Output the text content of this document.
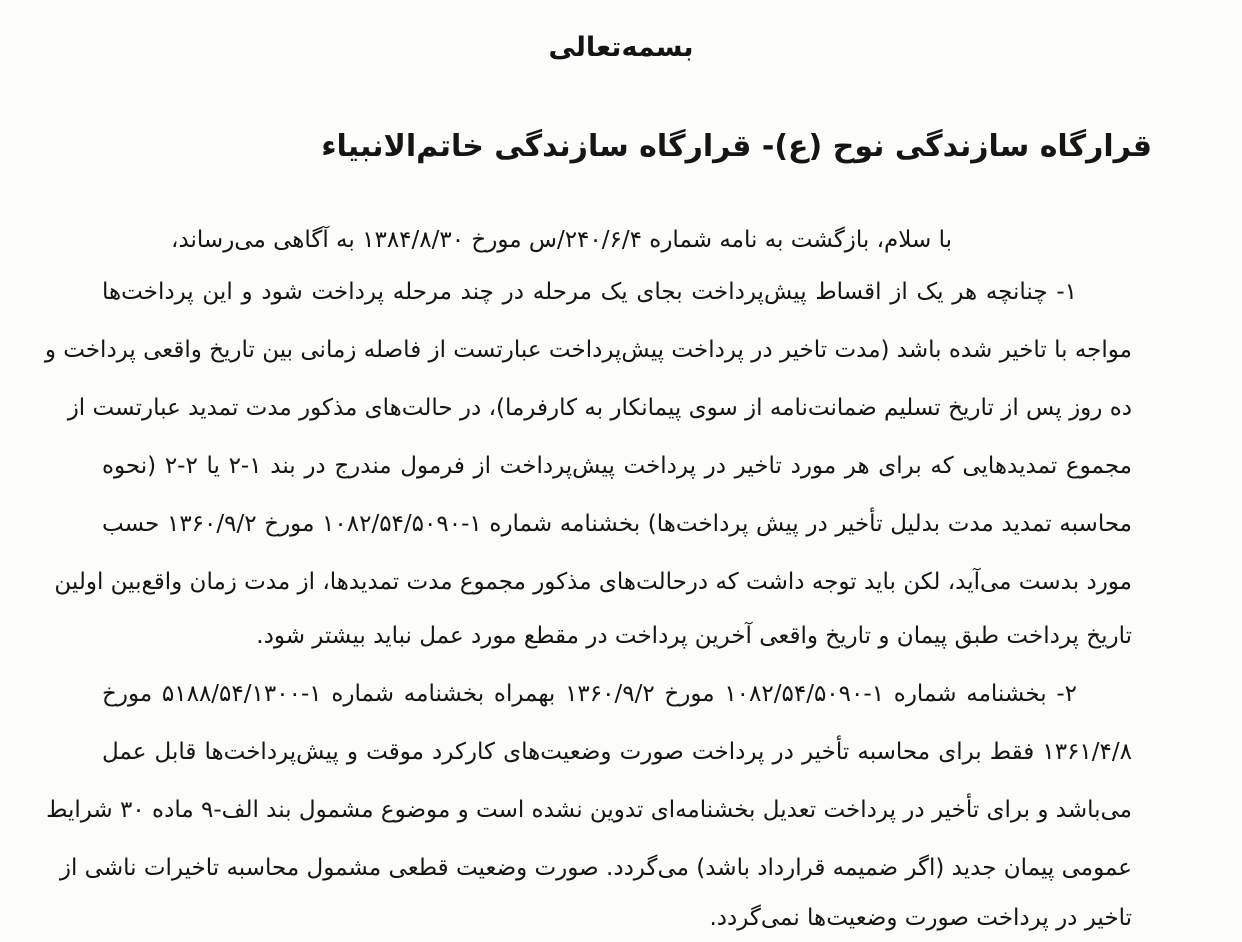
بسمه‌تعالی
قرارگاه سازندگی نوح (ع)- قرارگاه سازندگی خاتم‌الانبیاء
با سلام، بازگشت به نامه شماره ۲۴۰/۶/۴/س مورخ ۱۳۸۴/۸/۳۰ به آگاهی می‌رساند،
۱- چنانچه هر یک از اقساط پیش‌پرداخت بجای یک مرحله در چند مرحله پرداخت شود و این پرداخت‌ها
مواجه با تاخیر شده باشد (مدت تاخیر در پرداخت پیش‌پرداخت عبارتست از فاصله زمانی بین تاریخ واقعی پرداخت و
ده روز پس از تاریخ تسلیم ضمانت‌نامه از سوی پیمانکار به کارفرما)، در حالت‌های مذکور مدت تمدید عبارتست از
مجموع تمدیدهایی که برای هر مورد تاخیر در پرداخت پیش‌پرداخت از فرمول مندرج در بند ۱-۲ یا ۲-۲ (نحوه
محاسبه تمدید مدت بدلیل تأخیر در پیش پرداخت‌ها) بخشنامه شماره ۱-۱۰۸۲/۵۴/۵۰۹۰ مورخ ۱۳۶۰/۹/۲ حسب
مورد بدست می‌آید، لکن باید توجه داشت که درحالت‌های مذکور مجموع مدت تمدیدها، از مدت زمان واقع‌بین اولین
تاریخ پرداخت طبق پیمان و تاریخ واقعی آخرین پرداخت در مقطع مورد عمل نباید بیشتر شود.
۲- بخشنامه شماره ۱-۱۰۸۲/۵۴/۵۰۹۰ مورخ ۱۳۶۰/۹/۲ بهمراه بخشنامه شماره ۱-۵۱۸۸/۵۴/۱۳۰۰ مورخ
۱۳۶۱/۴/۸ فقط برای محاسبه تأخیر در پرداخت صورت وضعیت‌های کارکرد موقت و پیش‌پرداخت‌ها قابل عمل
می‌باشد و برای تأخیر در پرداخت تعدیل بخشنامه‌ای تدوین نشده است و موضوع مشمول بند الف-۹ ماده ۳۰ شرایط
عمومی پیمان جدید (اگر ضمیمه قرارداد باشد) می‌گردد. صورت وضعیت قطعی مشمول محاسبه تاخیرات ناشی از
تاخیر در پرداخت صورت وضعیت‌ها نمی‌گردد.
